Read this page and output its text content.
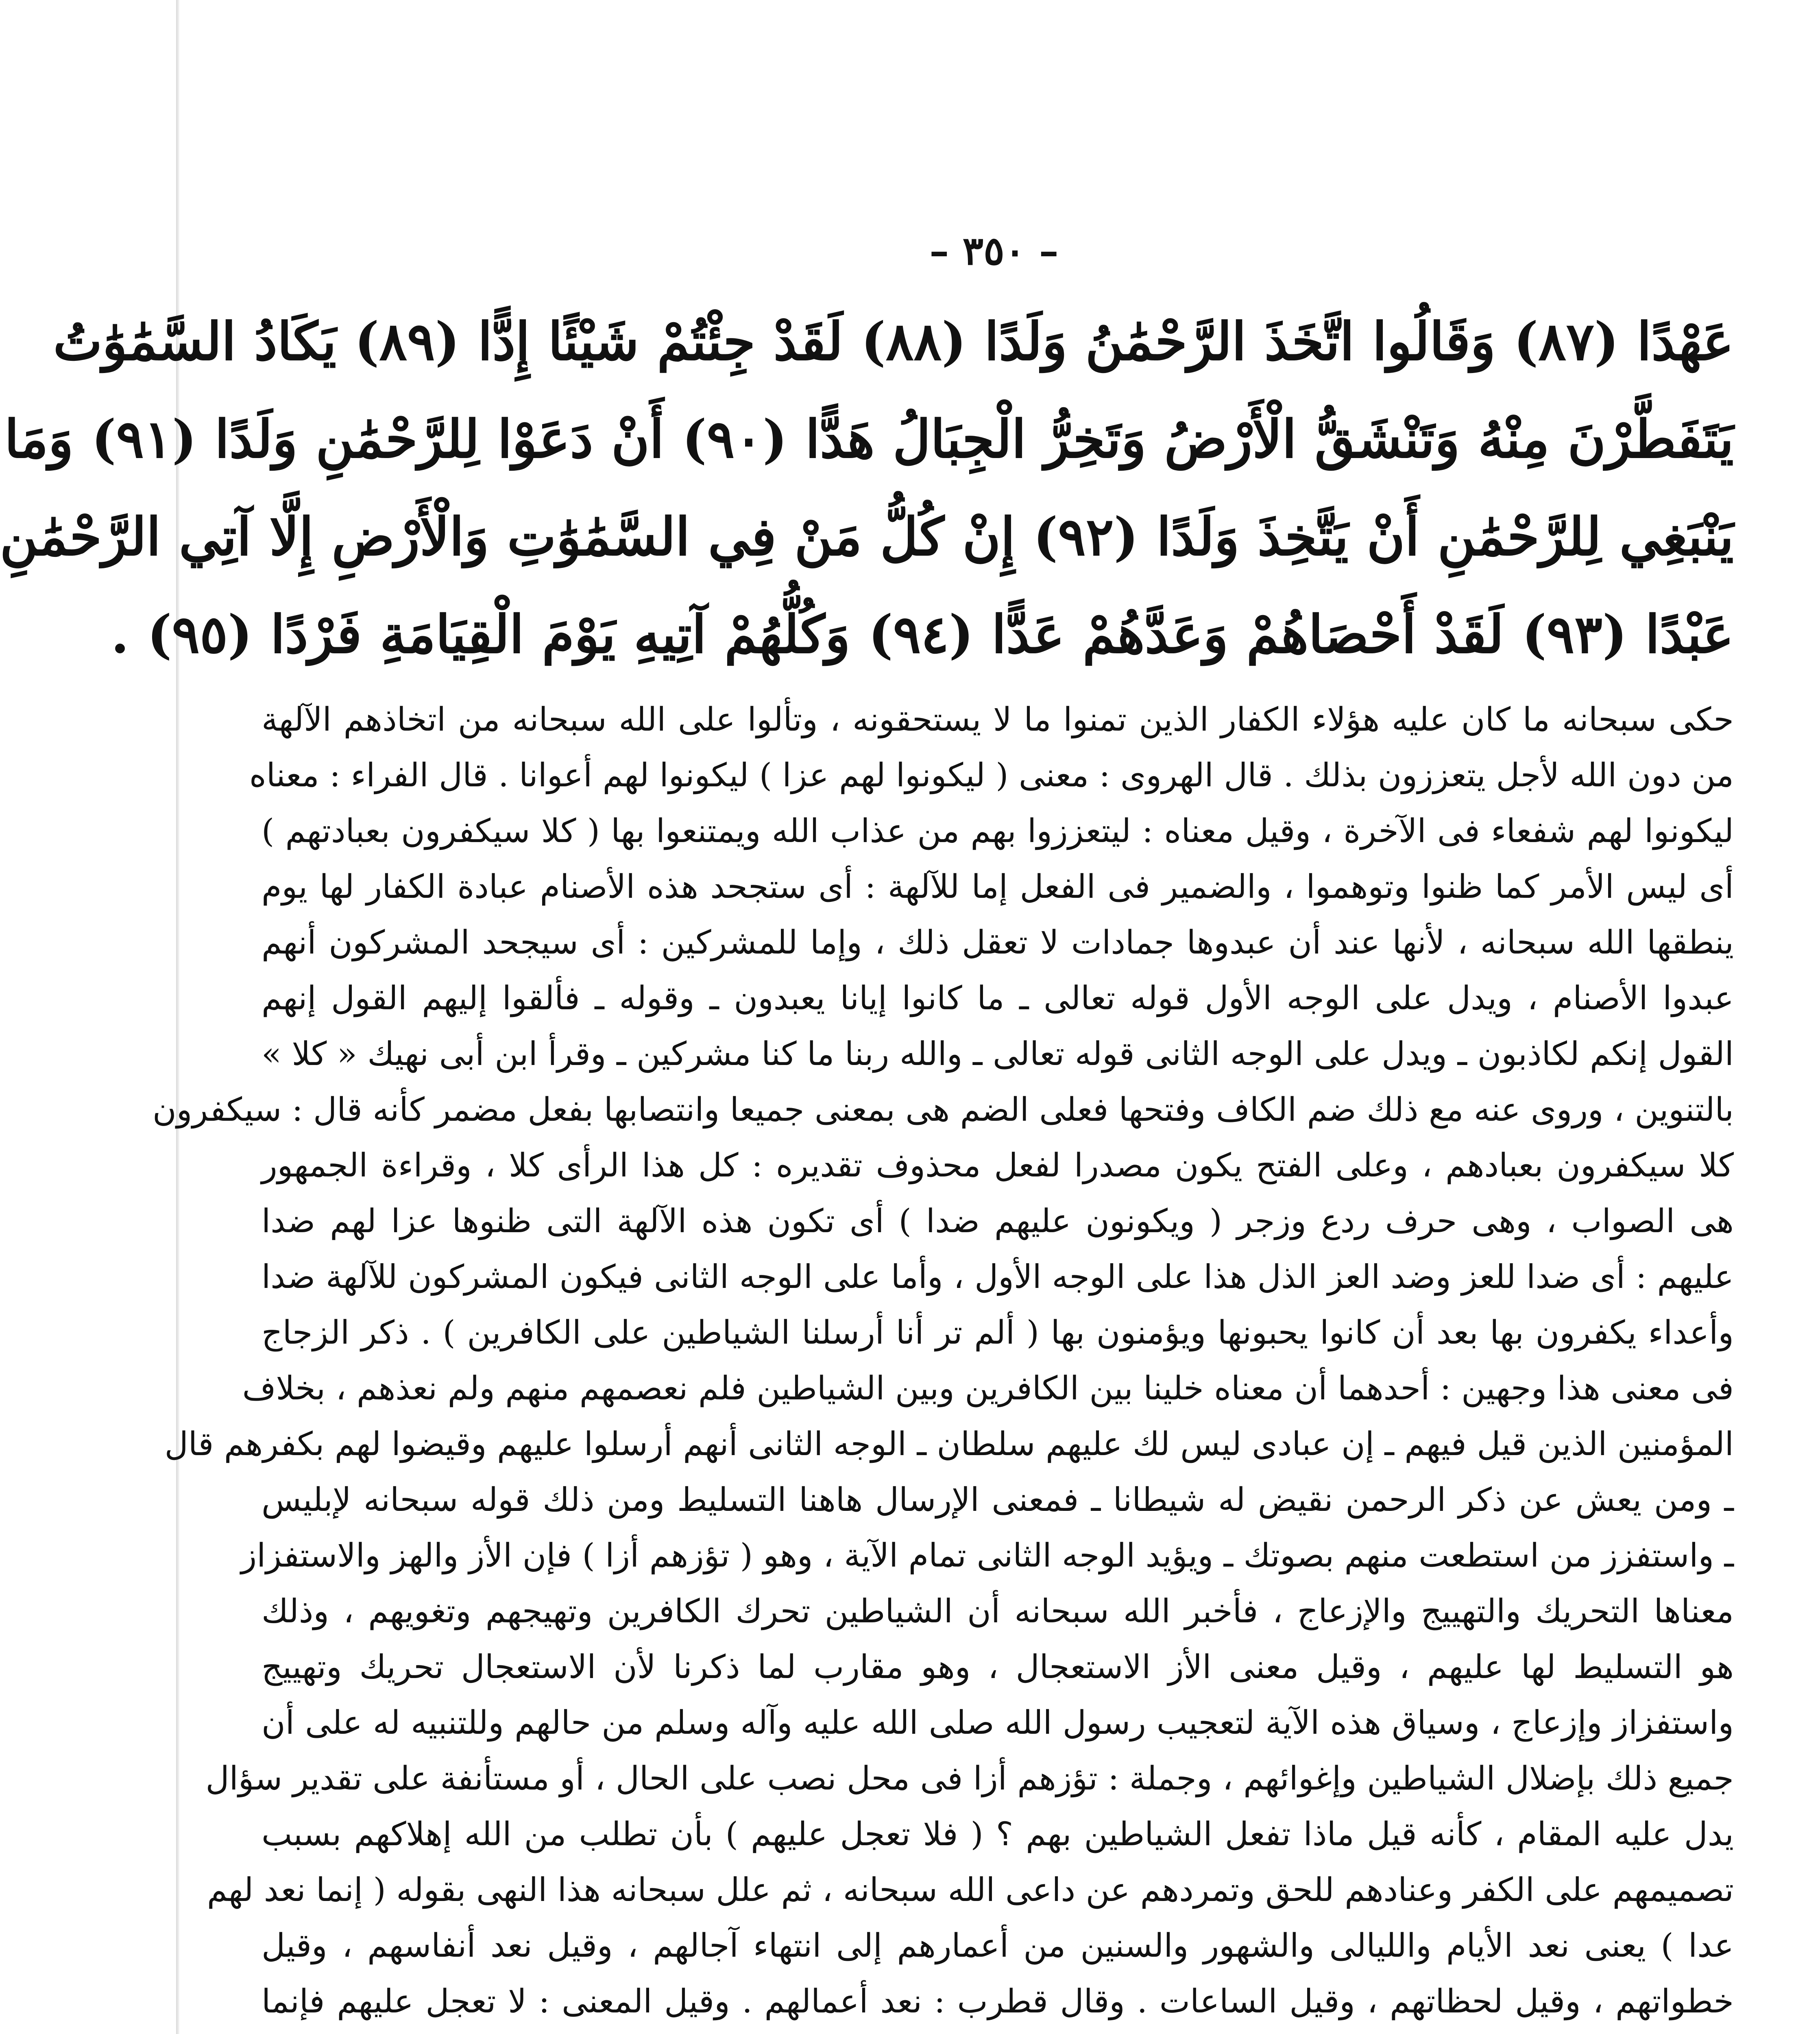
– ٣٥٠ –
عَهْدًا (٨٧) وَقَالُوا اتَّخَذَ الرَّحْمَٰنُ وَلَدًا (٨٨) لَقَدْ جِئْتُمْ شَيْئًا إِدًّا (٨٩) يَكَادُ السَّمَٰوَٰتُ
يَتَفَطَّرْنَ مِنْهُ وَتَنْشَقُّ الْأَرْضُ وَتَخِرُّ الْجِبَالُ هَدًّا (٩٠) أَنْ دَعَوْا لِلرَّحْمَٰنِ وَلَدًا (٩١) وَمَا
يَنْبَغِي لِلرَّحْمَٰنِ أَنْ يَتَّخِذَ وَلَدًا (٩٢) إِنْ كُلُّ مَنْ فِي السَّمَٰوَٰتِ وَالْأَرْضِ إِلَّا آتِي الرَّحْمَٰنِ
عَبْدًا (٩٣) لَقَدْ أَحْصَاهُمْ وَعَدَّهُمْ عَدًّا (٩٤) وَكُلُّهُمْ آتِيهِ يَوْمَ الْقِيَامَةِ فَرْدًا (٩٥) .
حكى سبحانه ما كان عليه هؤلاء الكفار الذين تمنوا ما لا يستحقونه ، وتألوا على الله سبحانه من اتخاذهم الآلهة
من دون الله لأجل يتعززون بذلك . قال الهروى : معنى ( ليكونوا لهم عزا ) ليكونوا لهم أعوانا . قال الفراء : معناه
ليكونوا لهم شفعاء فى الآخرة ، وقيل معناه : ليتعززوا بهم من عذاب الله ويمتنعوا بها ( كلا سيكفرون بعبادتهم )
أى ليس الأمر كما ظنوا وتوهموا ، والضمير فى الفعل إما للآلهة : أى ستجحد هذه الأصنام عبادة الكفار لها يوم
ينطقها الله سبحانه ، لأنها عند أن عبدوها جمادات لا تعقل ذلك ، وإما للمشركين : أى سيجحد المشركون أنهم
عبدوا الأصنام ، ويدل على الوجه الأول قوله تعالى ـ ما كانوا إيانا يعبدون ـ وقوله ـ فألقوا إليهم القول إنهم
القول إنكم لكاذبون ـ ويدل على الوجه الثانى قوله تعالى ـ والله ربنا ما كنا مشركين ـ وقرأ ابن أبى نهيك « كلا »
بالتنوين ، وروى عنه مع ذلك ضم الكاف وفتحها فعلى الضم هى بمعنى جميعا وانتصابها بفعل مضمر كأنه قال : سيكفرون
كلا سيكفرون بعبادهم ، وعلى الفتح يكون مصدرا لفعل محذوف تقديره : كل هذا الرأى كلا ، وقراءة الجمهور
هى الصواب ، وهى حرف ردع وزجر ( ويكونون عليهم ضدا ) أى تكون هذه الآلهة التى ظنوها عزا لهم ضدا
عليهم : أى ضدا للعز وضد العز الذل هذا على الوجه الأول ، وأما على الوجه الثانى فيكون المشركون للآلهة ضدا
وأعداء يكفرون بها بعد أن كانوا يحبونها ويؤمنون بها ( ألم تر أنا أرسلنا الشياطين على الكافرين ) . ذكر الزجاج
فى معنى هذا وجهين : أحدهما أن معناه خلينا بين الكافرين وبين الشياطين فلم نعصمهم منهم ولم نعذهم ، بخلاف
المؤمنين الذين قيل فيهم ـ إن عبادى ليس لك عليهم سلطان ـ الوجه الثانى أنهم أرسلوا عليهم وقيضوا لهم بكفرهم قال
ـ ومن يعش عن ذكر الرحمن نقيض له شيطانا ـ فمعنى الإرسال هاهنا التسليط ومن ذلك قوله سبحانه لإبليس
ـ واستفزز من استطعت منهم بصوتك ـ ويؤيد الوجه الثانى تمام الآية ، وهو ( تؤزهم أزا ) فإن الأز والهز والاستفزاز
معناها التحريك والتهييج والإزعاج ، فأخبر الله سبحانه أن الشياطين تحرك الكافرين وتهيجهم وتغويهم ، وذلك
هو التسليط لها عليهم ، وقيل معنى الأز الاستعجال ، وهو مقارب لما ذكرنا لأن الاستعجال تحريك وتهييج
واستفزاز وإزعاج ، وسياق هذه الآية لتعجيب رسول الله صلى الله عليه وآله وسلم من حالهم وللتنبيه له على أن
جميع ذلك بإضلال الشياطين وإغوائهم ، وجملة : تؤزهم أزا فى محل نصب على الحال ، أو مستأنفة على تقدير سؤال
يدل عليه المقام ، كأنه قيل ماذا تفعل الشياطين بهم ؟ ( فلا تعجل عليهم ) بأن تطلب من الله إهلاكهم بسبب
تصميمهم على الكفر وعنادهم للحق وتمردهم عن داعى الله سبحانه ، ثم علل سبحانه هذا النهى بقوله ( إنما نعد لهم
عدا ) يعنى نعد الأيام والليالى والشهور والسنين من أعمارهم إلى انتهاء آجالهم ، وقيل نعد أنفاسهم ، وقيل
خطواتهم ، وقيل لحظاتهم ، وقيل الساعات . وقال قطرب : نعد أعمالهم . وقيل المعنى : لا تعجل عليهم فإنما
